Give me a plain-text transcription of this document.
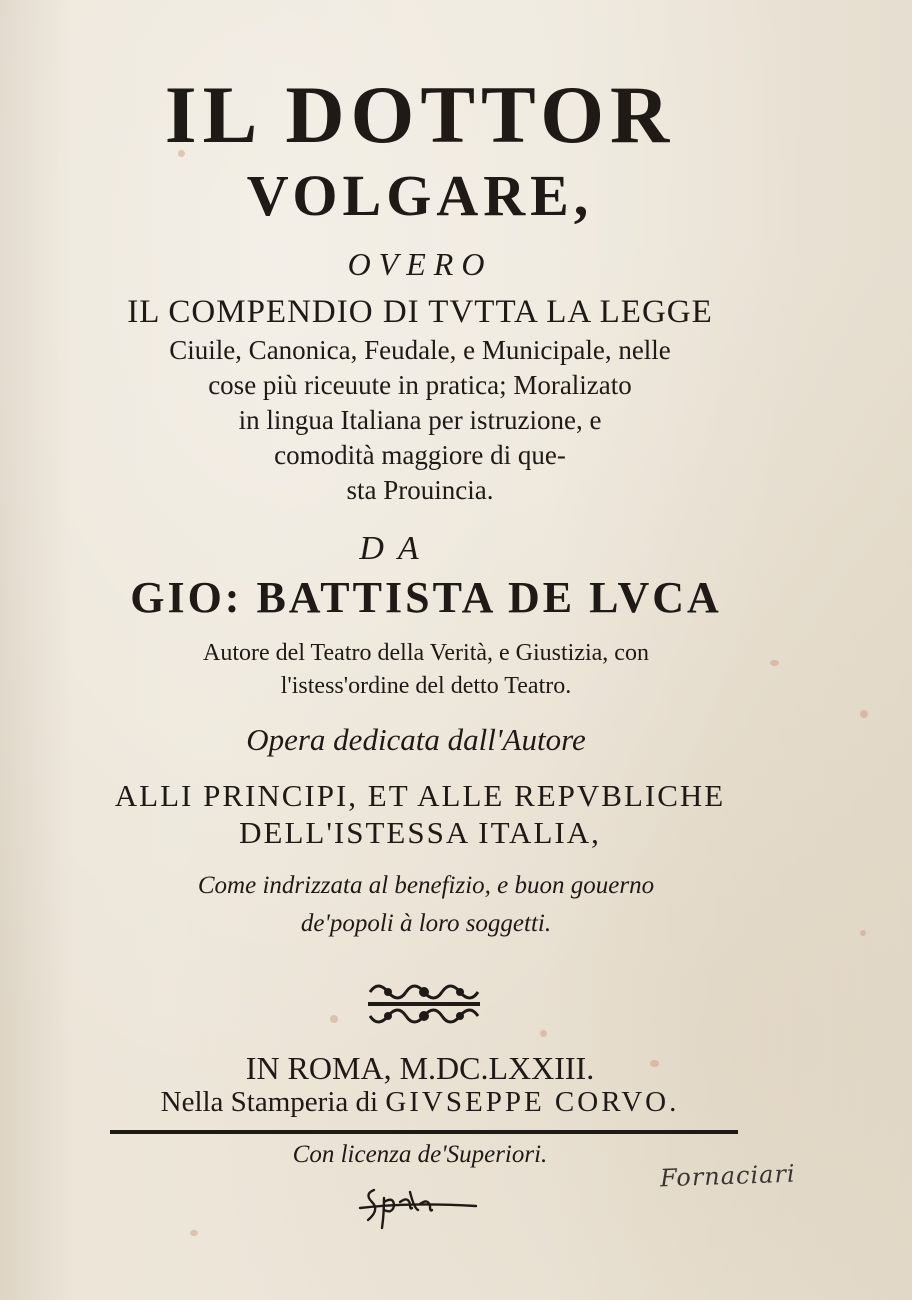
IL DOTTOR
VOLGARE,
OVERO
IL COMPENDIO DI TVTTA LA LEGGE
Ciuile, Canonica, Feudale, e Municipale, nelle
cose più riceuute in pratica; Moralizato
in lingua Italiana per istruzione, e
comodità maggiore di que-
sta Prouincia.
DA
GIO: BATTISTA DE LVCA
Autore del Teatro della Verità, e Giustizia, con
l'istess'ordine del detto Teatro.
Opera dedicata dall'Autore
ALLI PRINCIPI, ET ALLE REPVBLICHE
DELL'ISTESSA ITALIA,
Come indrizzata al benefizio, e buon gouerno
de'popoli à loro soggetti.
IN ROMA, M.DC.LXXIII.
Nella Stamperia di GIVSEPPE CORVO.
Con licenza de'Superiori.
Fornaciari
